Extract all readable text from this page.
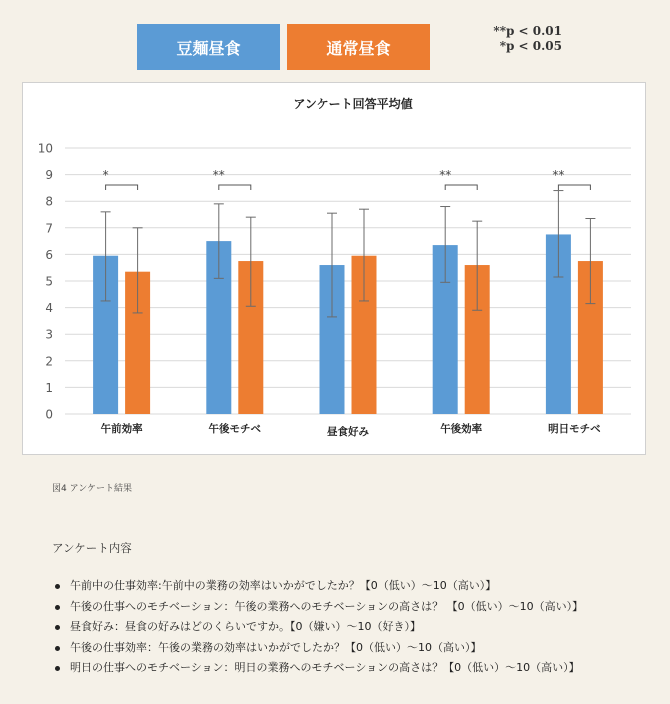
豆麺昼食	通常昼食
**p < 0.01
*p < 0.05
アンケート回答平均値
0
1
2
3
4
5
6
7
8
9
10
午前効率
*
午後モチベ
**
昼食好み	午後効率
**
明日モチベ
**
図4 アンケート結果
アンケート内容
午前中の仕事効率:午前中の業務の効率はいかがでしたか？【0（低い）～10（高い）】
午後の仕事へのモチベーション：午後の業務へのモチベーションの高さは？ 【0（低い）～10（高い）】
昼食好み：昼食の好みはどのくらいですか。【0（嫌い）～10（好き）】
午後の仕事効率：午後の業務の効率はいかがでしたか？【0（低い）～10（高い）】
明日の仕事へのモチベーション：明日の業務へのモチベーションの高さは？【0（低い）～10（高い）】
